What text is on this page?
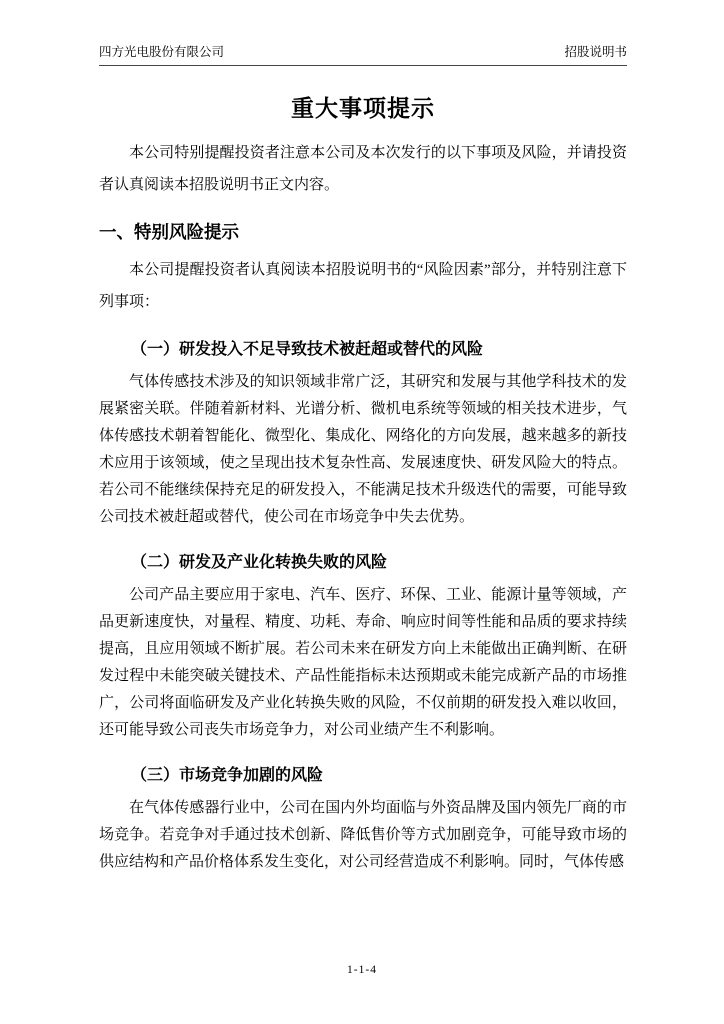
四方光电股份有限公司	招股说明书
重大事项提示

本公司特别提醒投资者注意本公司及本次发行的以下事项及风险，并请投资者认真阅读本招股说明书正文内容。

一、特别风险提示

本公司提醒投资者认真阅读本招股说明书的“风险因素”部分，并特别注意下列事项：

（一）研发投入不足导致技术被赶超或替代的风险

气体传感技术涉及的知识领域非常广泛，其研究和发展与其他学科技术的发展紧密关联。伴随着新材料、光谱分析、微机电系统等领域的相关技术进步，气体传感技术朝着智能化、微型化、集成化、网络化的方向发展，越来越多的新技术应用于该领域，使之呈现出技术复杂性高、发展速度快、研发风险大的特点。若公司不能继续保持充足的研发投入，不能满足技术升级迭代的需要，可能导致公司技术被赶超或替代，使公司在市场竞争中失去优势。

（二）研发及产业化转换失败的风险

公司产品主要应用于家电、汽车、医疗、环保、工业、能源计量等领域，产品更新速度快，对量程、精度、功耗、寿命、响应时间等性能和品质的要求持续提高，且应用领域不断扩展。若公司未来在研发方向上未能做出正确判断、在研发过程中未能突破关键技术、产品性能指标未达预期或未能完成新产品的市场推广，公司将面临研发及产业化转换失败的风险，不仅前期的研发投入难以收回，还可能导致公司丧失市场竞争力，对公司业绩产生不利影响。

（三）市场竞争加剧的风险

在气体传感器行业中，公司在国内外均面临与外资品牌及国内领先厂商的市场竞争。若竞争对手通过技术创新、降低售价等方式加剧竞争，可能导致市场的供应结构和产品价格体系发生变化，对公司经营造成不利影响。同时，气体传感

1-1-4
